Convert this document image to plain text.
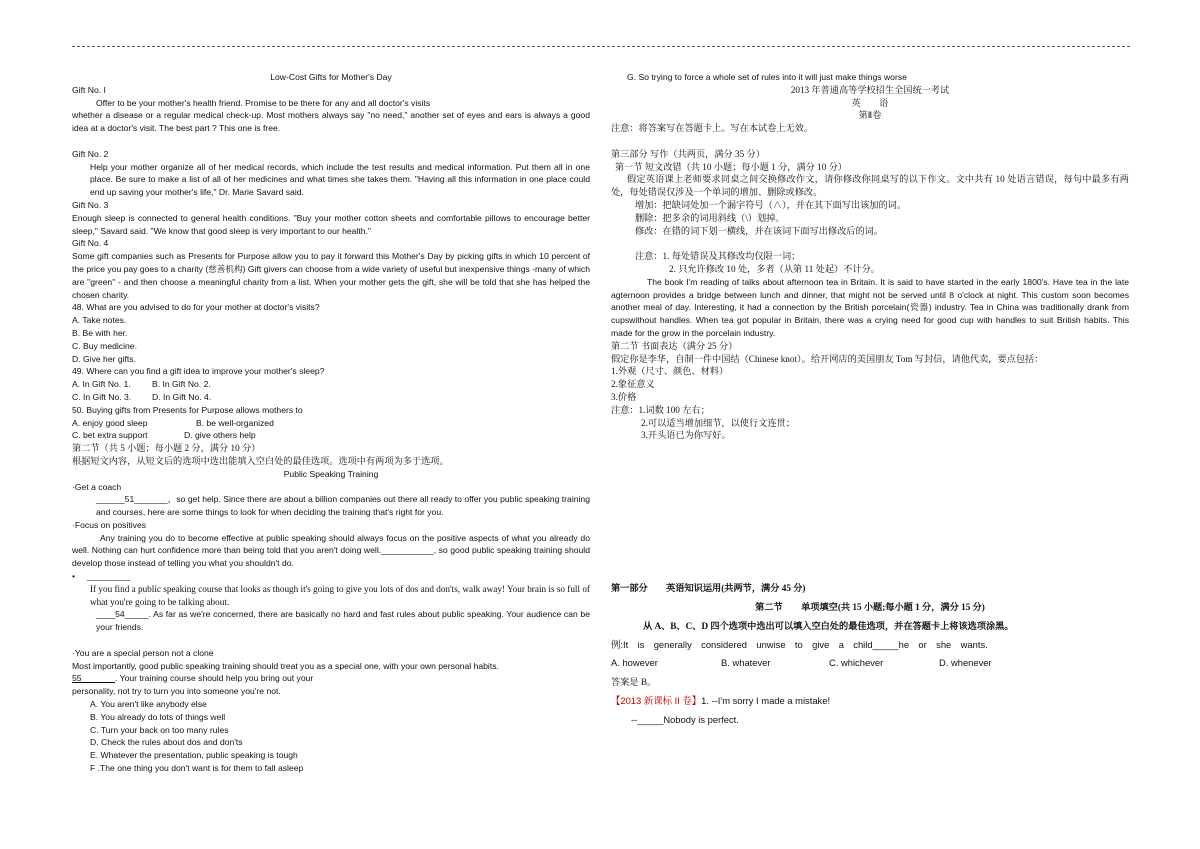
Low-Cost Gifts for Mother's Day

Gift No. I

Offer to be your mother's health friend. Promise to be there for any and all doctor's visits

whether a disease or a regular medical check-up. Most mothers always say "no need," another set of eyes and ears is always a good idea at a doctor's visit. The best part ? This one is free.

Gift No. 2

Help your mother organize all of her medical records, which include the test results and medical information. Put them all in one place. Be sure to make a list of all of her medicines and what times she takes them. "Having all this information in one place could end up saving your mother's life," Dr. Marie Savard said.

Gift No. 3

Enough sleep is connected to general health conditions. "Buy your mother cotton sheets and comfortable pillows to encourage better sleep," Savard said. "We know that good sleep is very important to our health."

Gift No. 4

Some gift companies such as Presents for Purpose allow you to pay it forward this Mother's Day by picking gifts in which 10 percent of the price you pay goes to a charity (慈善机构) Gift givers can choose from a wide variety of useful but inexpensive things -many of which are "green" - and then choose a meaningful charity from a list. When your mother gets the gift, she will be told that she has helped the chosen charity.

48. What are you advised to do for your mother at doctor's visits?

A. Take notes.

B. Be with her.

C. Buy medicine.

D. Give her gifts.

49. Where can you find a gift idea to improve your mother's sleep?

A. In Gift No. 1. B. In Gift No. 2.

C. In Gift No. 3. D. In Gift No. 4.

50. Buying gifts from Presents for Purpose allows mothers to

A. enjoy good sleep	B. be well-organized

C. bet extra support	D. give others help

第二节（共 5 小题；每小题 2 分，满分 10 分）

根据短文内容，从短文后的选项中选出能填入空白处的最佳选项。选项中有两项为多于选项。

Public Speaking Training

·Get a coach

______51_______，so get help. Since there are about a billion companies out there all ready to offer you public speaking training and courses, here are some things to look for when deciding the training that's right for you.

·Focus on positives

Any training you do to become effective at public speaking should always focus on the positive aspects of what you already do well. Nothing can hurt confidence more than being told that you aren't doing well.___________, so good public speaking training should develop those instead of telling you what you shouldn't do.

• _________

If you find a public speaking course that looks as though it's going to give you lots of dos and don'ts, walk away! Your brain is so full of what you're going to be talking about.

____54_____. As far as we're concerned, there are basically no hard and fast rules about public speaking. Your audience can be your friends.

·You are a special person not a clone

Most importantly, good public speaking training should treat you as a special one, with your own personal habits.

55_______. Your training course should help you bring out your

personality, not try to turn you into someone you're not.

A. You aren't like anybody else

B. You already do lots of things well

C. Turn your back on too many rules

D. Check the rules about dos and don'ts

E. Whatever the presentation, public speaking is tough

F .The one thing you don't want is for them to fall asleep

G. So trying to force a whole set of rules into it will just make things worse

2013 年普通高等学校招生全国统一考试

英　　语

第Ⅱ卷

注意：将答案写在答题卡上。写在本试卷上无效。

第三部分 写作（共两页，满分 35 分）

第一节 短文改错（共 10 小题；每小题 1 分，满分 10 分）

假定英语课上老师要求同桌之间交换修改作文，请你修改你同桌写的以下作文。文中共有 10 处语言错误，每句中最多有两处，每处错误仅涉及一个单词的增加、删除或修改。

增加：把缺词处加一个漏字符号（∧），并在其下面写出该加的词。

删除：把多余的词用斜线（\）划掉。

修改：在错的词下划一横线，并在该词下面写出修改后的词。

注意：1. 每处错误及其修改均仅限一词；

2. 只允许修改 10 处，多者（从第 11 处起）不计分。

The book I'm reading of talks about afternoon tea in Britain. It is said to have started in the early 1800's. Have tea in the late agternoon provides a bridge between lunch and dinner, that might not be served until 8 o'clock at night. This custom soon becomes another meal of day. Interesting, it had a connection by the British porcelain(瓷器) industry. Tea in China was traditionally drank from cupswithout handles. When tea got popular in Britain, there was a crying need for good cup with handles to suit British habits. This made for the grow in the porcelain industry.

第二节 书面表达（满分 25 分）

假定你是李华，自制一件中国结（Chinese knot）。给开网店的美国朋友 Tom 写封信，请他代卖，要点包括：

1.外观（尺寸、颜色、材料）

2.象征意义

3.价格

注意：1.词数 100 左右；

2.可以适当增加细节，以使行文连贯；

3.开头语已为你写好。

第一部分　　英语知识运用(共两节，满分 45 分)

第二节　　单项填空(共 15 小题;每小题 1 分，满分 15 分)

从 A、B、C、D 四个选项中选出可以填入空白处的最佳选项，并在答题卡上将该选项涂黑。

例:It　is　generally　considered　unwise　to　give　a　child_____he　or　she　wants.

A. however	B. whatever	C. whichever	D. whenever

答案是 B。

【2013 新课标 II 卷】1. --I'm sorry I made a mistake!

--_____Nobody is perfect.
